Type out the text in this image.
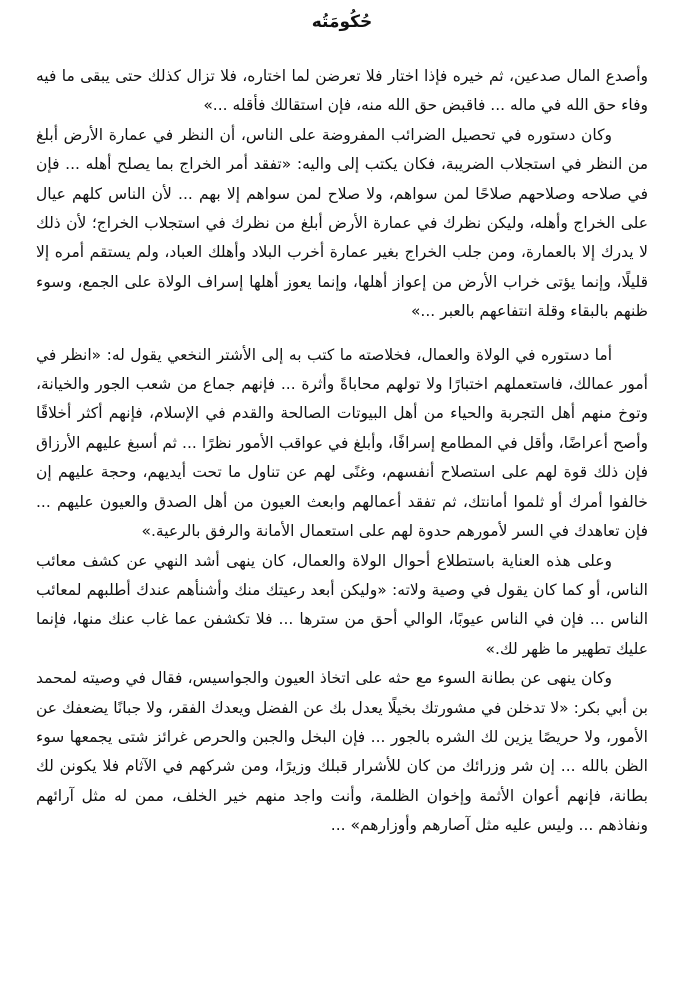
حُكُومَتُه

وأصدع المال صدعين، ثم خيره فإذا اختار فلا تعرضن لما اختاره، فلا تزال كذلك حتى يبقى ما فيه وفاء حق الله في ماله ... فاقبض حق الله منه، فإن استقالك فأقله ...»

وكان دستوره في تحصيل الضرائب المفروضة على الناس، أن النظر في عمارة الأرض أبلغ من النظر في استجلاب الضريبة، فكان يكتب إلى واليه: «تفقد أمر الخراج بما يصلح أهله ... فإن في صلاحه وصلاحهم صلاحًا لمن سواهم، ولا صلاح لمن سواهم إلا بهم ... لأن الناس كلهم عيال على الخراج وأهله، وليكن نظرك في عمارة الأرض أبلغ من نظرك في استجلاب الخراج؛ لأن ذلك لا يدرك إلا بالعمارة، ومن جلب الخراج بغير عمارة أخرب البلاد وأهلك العباد، ولم يستقم أمره إلا قليلًا، وإنما يؤتى خراب الأرض من إعواز أهلها، وإنما يعوز أهلها إسراف الولاة على الجمع، وسوء ظنهم بالبقاء وقلة انتفاعهم بالعبر ...»

أما دستوره في الولاة والعمال، فخلاصته ما كتب به إلى الأشتر النخعي يقول له: «انظر في أمور عمالك، فاستعملهم اختبارًا ولا تولهم محاباةً وأثرة ... فإنهم جماع من شعب الجور والخيانة، وتوخ منهم أهل التجربة والحياء من أهل البيوتات الصالحة والقدم في الإسلام، فإنهم أكثر أخلاقًا وأصح أعراضًا، وأقل في المطامع إسرافًا، وأبلغ في عواقب الأمور نظرًا ... ثم أسبغ عليهم الأرزاق فإن ذلك قوة لهم على استصلاح أنفسهم، وغنًى لهم عن تناول ما تحت أيديهم، وحجة عليهم إن خالفوا أمرك أو ثلموا أمانتك، ثم تفقد أعمالهم وابعث العيون من أهل الصدق والعيون عليهم ... فإن تعاهدك في السر لأمورهم حدوة لهم على استعمال الأمانة والرفق بالرعية.»

وعلى هذه العناية باستطلاع أحوال الولاة والعمال، كان ينهى أشد النهي عن كشف معائب الناس، أو كما كان يقول في وصية ولاته: «وليكن أبعد رعيتك منك وأشنأهم عندك أطلبهم لمعائب الناس ... فإن في الناس عيوبًا، الوالي أحق من سترها ... فلا تكشفن عما غاب عنك منها، فإنما عليك تطهير ما ظهر لك.»

وكان ينهى عن بطانة السوء مع حثه على اتخاذ العيون والجواسيس، فقال في وصيته لمحمد بن أبي بكر: «لا تدخلن في مشورتك بخيلًا يعدل بك عن الفضل ويعدك الفقر، ولا جبانًا يضعفك عن الأمور، ولا حريصًا يزين لك الشره بالجور ... فإن البخل والجبن والحرص غرائز شتى يجمعها سوء الظن بالله ... إن شر وزرائك من كان للأشرار قبلك وزيرًا، ومن شركهم في الآثام فلا يكونن لك بطانة، فإنهم أعوان الأثمة وإخوان الظلمة، وأنت واجد منهم خير الخلف، ممن له مثل آرائهم ونفاذهم ... وليس عليه مثل آصارهم وأوزارهم» ...
